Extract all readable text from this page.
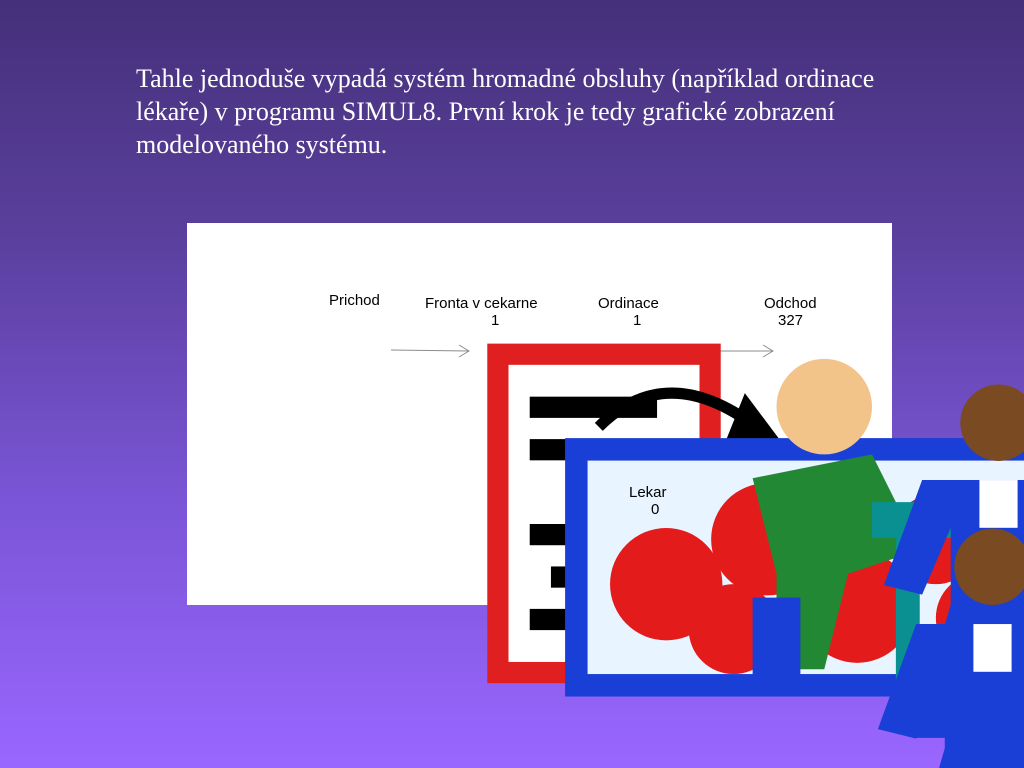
Tahle jednoduše vypadá systém hromadné obsluhy (například ordinace lékaře) v programu SIMUL8. První krok je tedy grafické zobrazení modelovaného systému.

Prichod	Fronta v cekarne
1
Ordinace
1
Odchod
327
Lekar
0
